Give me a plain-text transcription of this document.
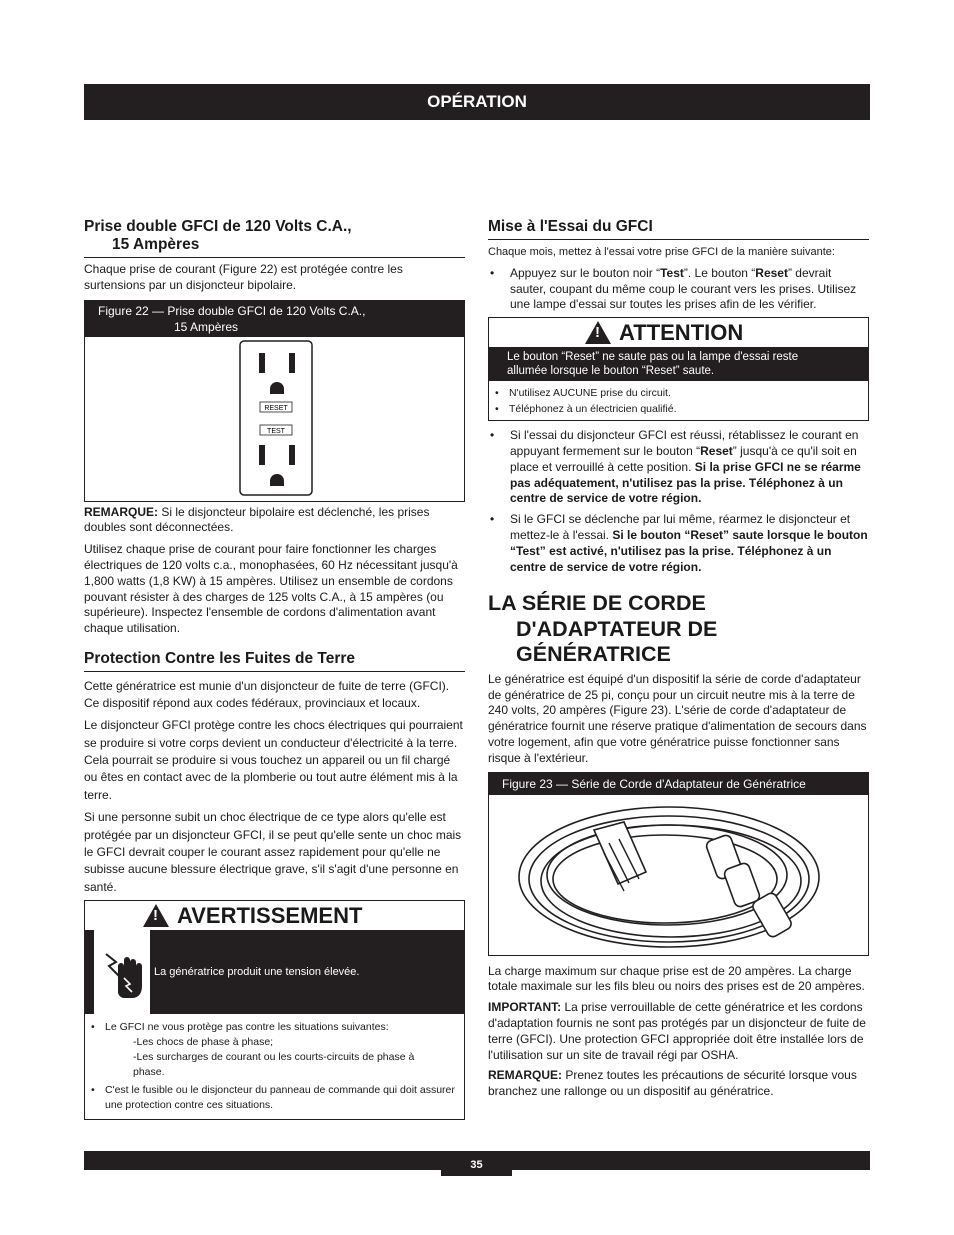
OPÉRATION
Prise double GFCI de 120 Volts C.A.,
15 Ampères

Chaque prise de courant (Figure 22) est protégée contre les surtensions par un disjoncteur bipolaire.

Figure 22 — Prise double GFCI de 120 Volts C.A.,
15 Ampères
RESET
TEST

REMARQUE: Si le disjoncteur bipolaire est déclenché, les prises doubles sont déconnectées.

Utilisez chaque prise de courant pour faire fonctionner les charges électriques de 120 volts c.a., monophasées, 60 Hz nécessitant jusqu'à 1,800 watts (1,8 KW) à 15 ampères. Utilisez un ensemble de cordons pouvant résister à des charges de 125 volts C.A., à 15 ampères (ou supérieure). Inspectez l'ensemble de cordons d'alimentation avant chaque utilisation.

Protection Contre les Fuites de Terre

Cette génératrice est munie d'un disjoncteur de fuite de terre (GFCI). Ce dispositif répond aux codes fédéraux, provinciaux et locaux.

Le disjoncteur GFCI protège contre les chocs électriques qui pourraient se produire si votre corps devient un conducteur d'électricité à la terre. Cela pourrait se produire si vous touchez un appareil ou un fil chargé ou êtes en contact avec de la plomberie ou tout autre élément mis à la terre.

Si une personne subit un choc électrique de ce type alors qu'elle est protégée par un disjoncteur GFCI, il se peut qu'elle sente un choc mais le GFCI devrait couper le courant assez rapidement pour qu'elle ne subisse aucune blessure électrique grave, s'il s'agit d'une personne en santé.

!
AVERTISSEMENT
La génératrice produit une tension élevée.
• Le GFCI ne vous protège pas contre les situations suivantes:
-Les chocs de phase à phase;
-Les surcharges de courant ou les courts-circuits de phase à phase.
• C'est le fusible ou le disjoncteur du panneau de commande qui doit assurer une protection contre ces situations.
Mise à l'Essai du GFCI

Chaque mois, mettez à l'essai votre prise GFCI de la manière suivante:

• Appuyez sur le bouton noir “Test”. Le bouton “Reset” devrait sauter, coupant du même coup le courant vers les prises. Utilisez une lampe d'essai sur toutes les prises afin de les vérifier.
!
ATTENTION
Le bouton “Reset” ne saute pas ou la lampe d'essai reste allumée lorsque le bouton “Reset” saute.
• N'utilisez AUCUNE prise du circuit.
• Téléphonez à un électricien qualifié.
• Si l'essai du disjoncteur GFCI est réussi, rétablissez le courant en appuyant fermement sur le bouton “Reset” jusqu'à ce qu'il soit en place et verrouillé à cette position. Si la prise GFCI ne se réarme pas adéquatement, n'utilisez pas la prise. Téléphonez à un centre de service de votre région.
• Si le GFCI se déclenche par lui même, réarmez le disjoncteur et mettez-le à l'essai. Si le bouton “Reset” saute lorsque le bouton “Test” est activé, n'utilisez pas la prise. Téléphonez à un centre de service de votre région.
LA SÉRIE DE CORDE
D'ADAPTATEUR DE
GÉNÉRATRICE

Le génératrice est équipé d'un dispositif la série de corde d'adaptateur de génératrice de 25 pi, conçu pour un circuit neutre mis à la terre de 240 volts, 20 ampères (Figure 23). L'série de corde d'adaptateur de génératrice fournit une réserve pratique d'alimentation de secours dans votre logement, afin que votre génératrice puisse fonctionner sans risque à l'extérieur.

Figure 23 — Série de Corde d'Adaptateur de Génératrice

La charge maximum sur chaque prise est de 20 ampères. La charge totale maximale sur les fils bleu ou noirs des prises est de 20 ampères.

IMPORTANT: La prise verrouillable de cette génératrice et les cordons d'adaptation fournis ne sont pas protégés par un disjoncteur de fuite de terre (GFCI). Une protection GFCI appropriée doit être installée lors de l'utilisation sur un site de travail régi par OSHA.

REMARQUE: Prenez toutes les précautions de sécurité lorsque vous branchez une rallonge ou un dispositif au génératrice.

35
